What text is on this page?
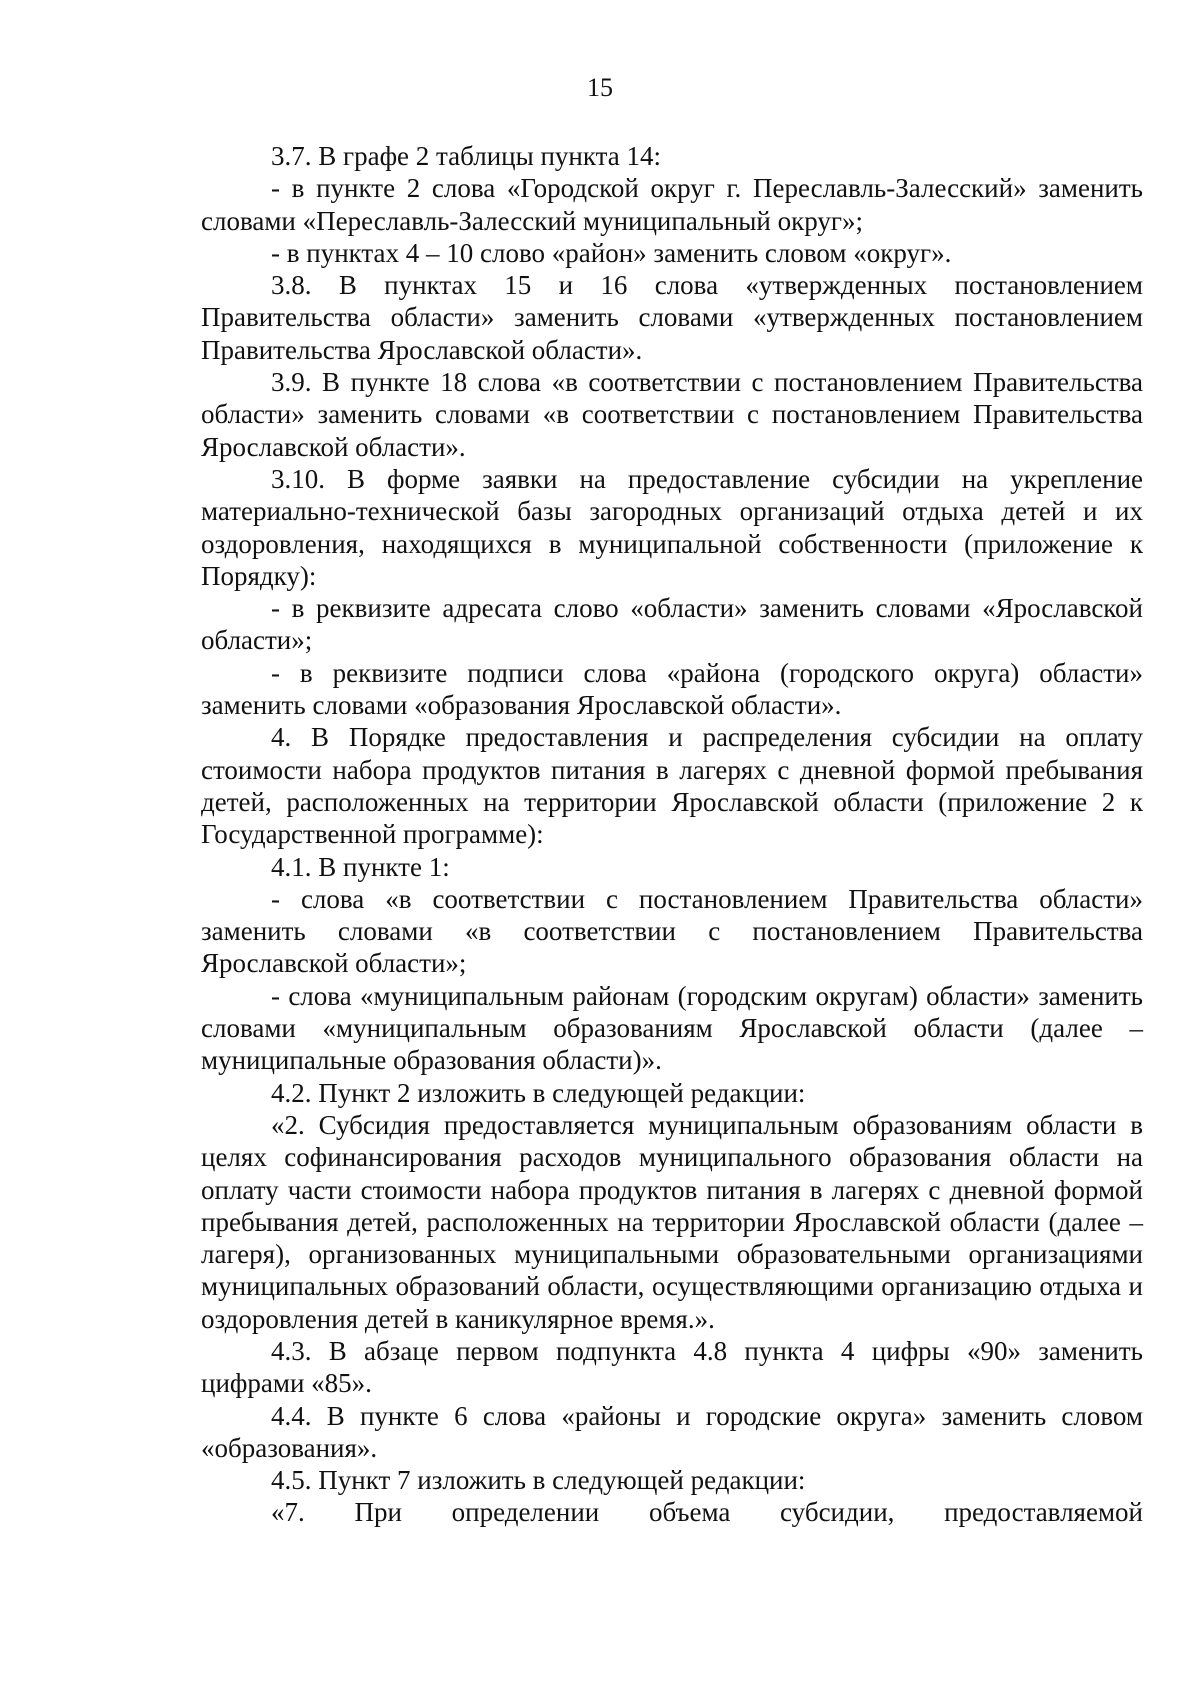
15

3.7. В графе 2 таблицы пункта 14:

- в пункте 2 слова «Городской округ г. Переславль-Залесский» заменить словами «Переславль-Залесский муниципальный округ»;

- в пунктах 4 – 10 слово «район» заменить словом «округ».

3.8. В пунктах 15 и 16 слова «утвержденных постановлением Правительства области» заменить словами «утвержденных постановлением Правительства Ярославской области».

3.9. В пункте 18 слова «в соответствии с постановлением Правительства области» заменить словами «в соответствии с постановлением Правительства Ярославской области».

3.10. В форме заявки на предоставление субсидии на укрепление материально-технической базы загородных организаций отдыха детей и их оздоровления, находящихся в муниципальной собственности (приложение к Порядку):

- в реквизите адресата слово «области» заменить словами «Ярославской области»;

- в реквизите подписи слова «района (городского округа) области» заменить словами «образования Ярославской области».

4. В Порядке предоставления и распределения субсидии на оплату стоимости набора продуктов питания в лагерях с дневной формой пребывания детей, расположенных на территории Ярославской области (приложение 2 к Государственной программе):

4.1. В пункте 1:

- слова «в соответствии с постановлением Правительства области» заменить словами «в соответствии с постановлением Правительства Ярославской области»;

- слова «муниципальным районам (городским округам) области» заменить словами «муниципальным образованиям Ярославской области (далее – муниципальные образования области)».

4.2. Пункт 2 изложить в следующей редакции:

«2. Субсидия предоставляется муниципальным образованиям области в целях софинансирования расходов муниципального образования области на оплату части стоимости набора продуктов питания в лагерях с дневной формой пребывания детей, расположенных на территории Ярославской области (далее – лагеря), организованных муниципальными образовательными организациями муниципальных образований области, осуществляющими организацию отдыха и оздоровления детей в каникулярное время.».

4.3. В абзаце первом подпункта 4.8 пункта 4 цифры «90» заменить цифрами «85».

4.4. В пункте 6 слова «районы и городские округа» заменить словом «образования».

4.5. Пункт 7 изложить в следующей редакции:

«7. При определении объема субсидии, предоставляемой
